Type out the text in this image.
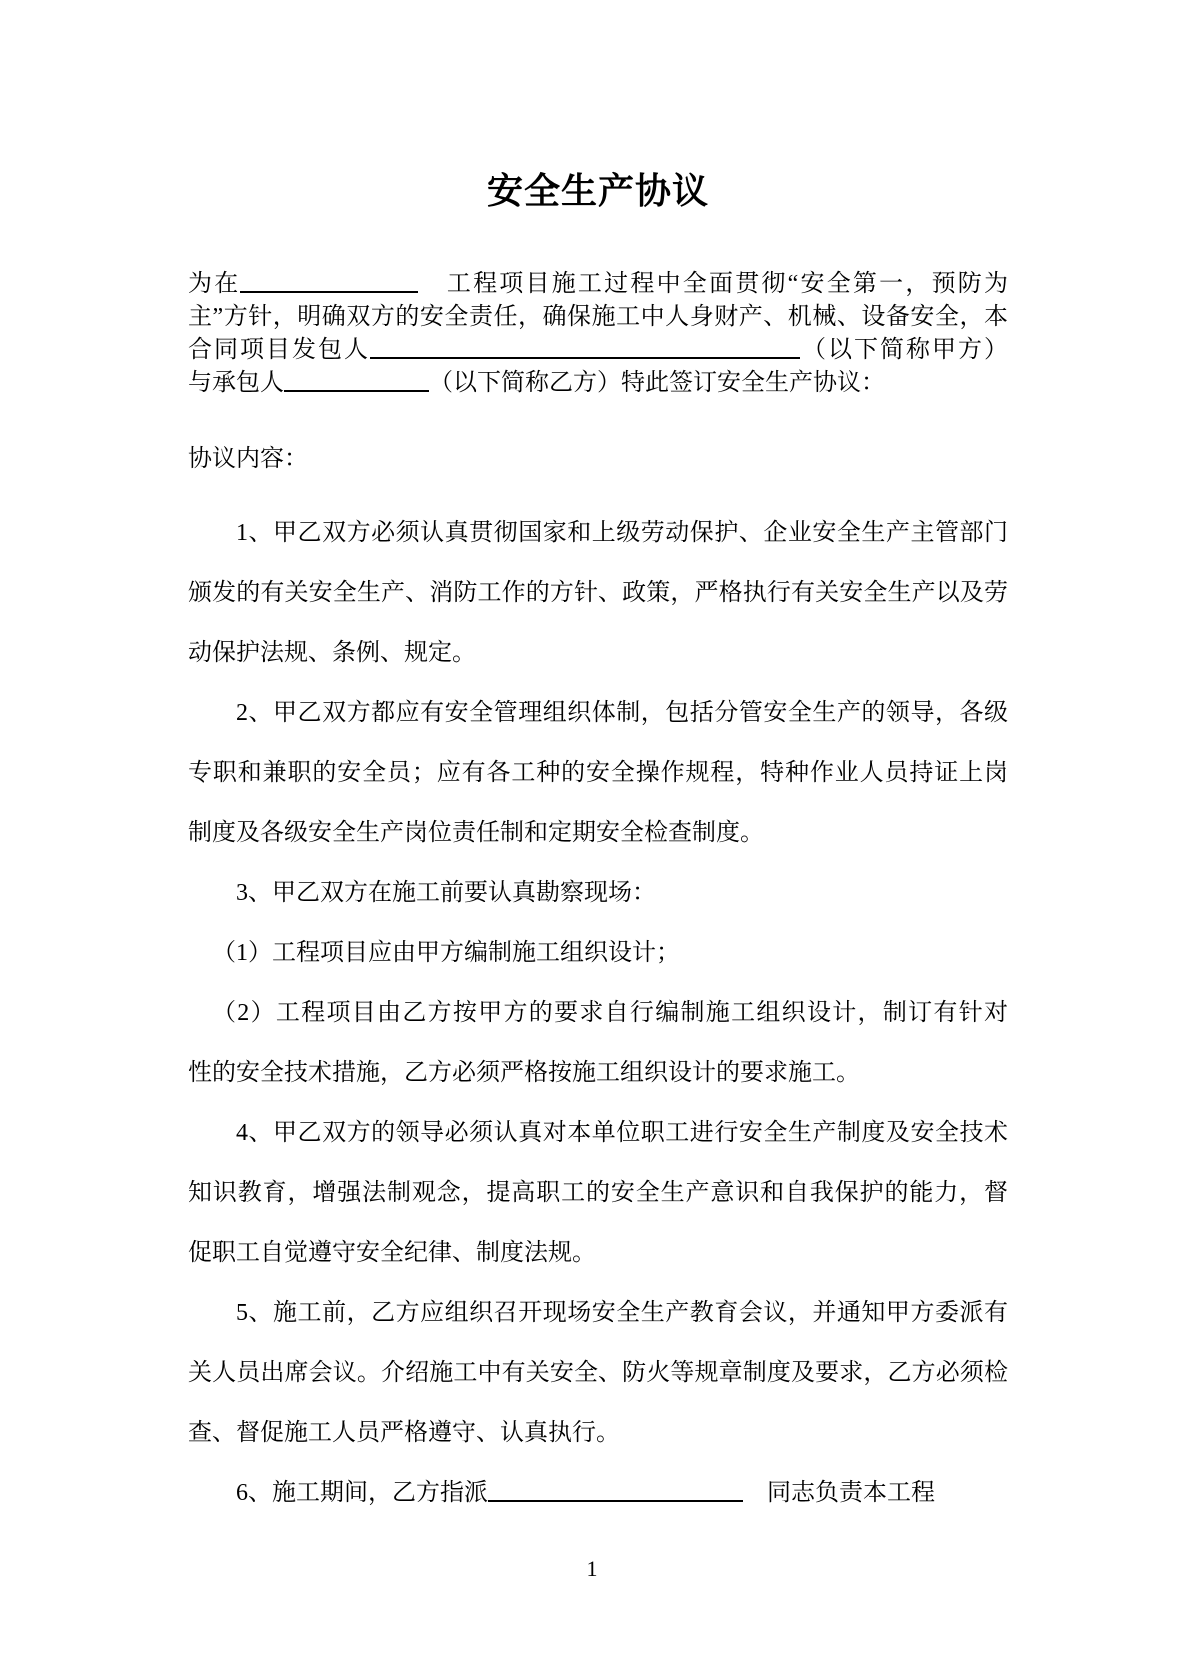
安全生产协议
为在	　工程项目施工过程中全面贯彻“安全第一，预防为
主”方针，明确双方的安全责任，确保施工中人身财产、机械、设备安全，本
合同项目发包人	（以下简称甲方）
与承包人	（以下简称乙方）特此签订安全生产协议：
协议内容：
1、甲乙双方必须认真贯彻国家和上级劳动保护、企业安全生产主管部门
颁发的有关安全生产、消防工作的方针、政策，严格执行有关安全生产以及劳
动保护法规、条例、规定。
2、甲乙双方都应有安全管理组织体制，包括分管安全生产的领导，各级
专职和兼职的安全员；应有各工种的安全操作规程，特种作业人员持证上岗
制度及各级安全生产岗位责任制和定期安全检查制度。
3、甲乙双方在施工前要认真勘察现场：
（1）工程项目应由甲方编制施工组织设计；
（2）工程项目由乙方按甲方的要求自行编制施工组织设计，制订有针对
性的安全技术措施，乙方必须严格按施工组织设计的要求施工。
4、甲乙双方的领导必须认真对本单位职工进行安全生产制度及安全技术
知识教育，增强法制观念，提高职工的安全生产意识和自我保护的能力，督
促职工自觉遵守安全纪律、制度法规。
5、施工前，乙方应组织召开现场安全生产教育会议，并通知甲方委派有
关人员出席会议。介绍施工中有关安全、防火等规章制度及要求，乙方必须检
查、督促施工人员严格遵守、认真执行。
6、施工期间，乙方指派	　同志负责本工程
1
